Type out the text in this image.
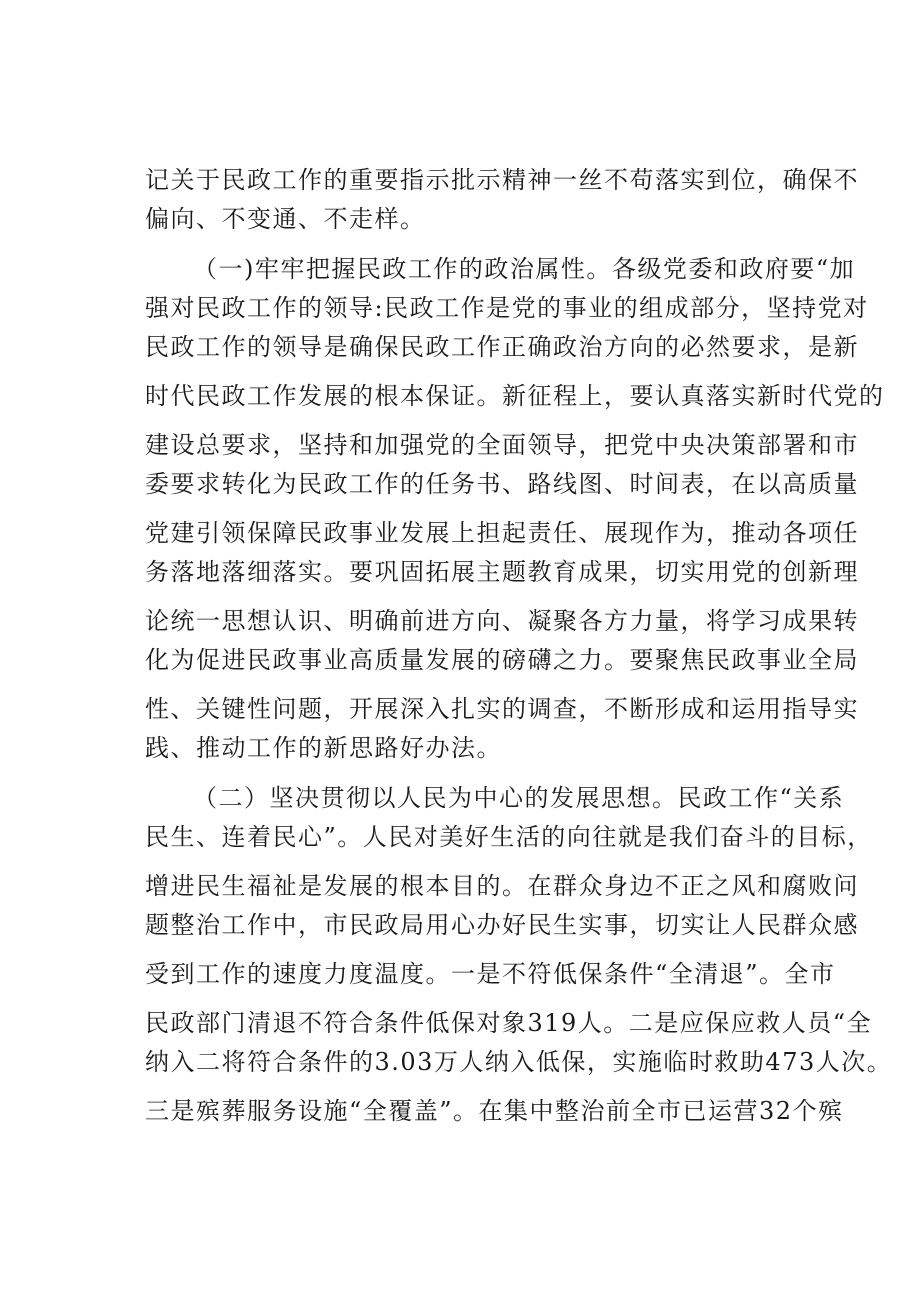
记关于民政工作的重要指示批示精神一丝不苟落实到位，确保不
偏向、不变通、不走样。
（一)牢牢把握民政工作的政治属性。各级党委和政府要“加
强对民政工作的领导:民政工作是党的事业的组成部分，坚持党对
民政工作的领导是确保民政工作正确政治方向的必然要求，是新
时代民政工作发展的根本保证。新征程上，要认真落实新时代党的
建设总要求，坚持和加强党的全面领导，把党中央决策部署和市
委要求转化为民政工作的任务书、路线图、时间表，在以高质量
党建引领保障民政事业发展上担起责任、展现作为，推动各项任
务落地落细落实。要巩固拓展主题教育成果，切实用党的创新理
论统一思想认识、明确前进方向、凝聚各方力量，将学习成果转
化为促进民政事业高质量发展的磅礴之力。要聚焦民政事业全局
性、关键性问题，开展深入扎实的调查，不断形成和运用指导实
践、推动工作的新思路好办法。
（二）坚决贯彻以人民为中心的发展思想。民政工作“关系
民生、连着民心”。人民对美好生活的向往就是我们奋斗的目标，
增进民生福祉是发展的根本目的。在群众身边不正之风和腐败问
题整治工作中，市民政局用心办好民生实事，切实让人民群众感
受到工作的速度力度温度。一是不符低保条件“全清退”。全市
民政部门清退不符合条件低保对象319人。二是应保应救人员“全
纳入二将符合条件的3.03万人纳入低保，实施临时救助473人次。
三是殡葬服务设施“全覆盖”。在集中整治前全市已运营32个殡
